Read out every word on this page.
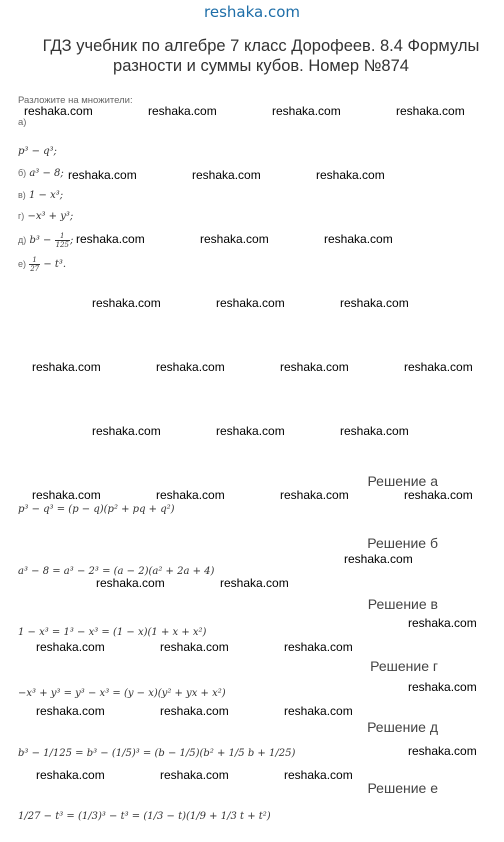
reshaka.com
ГДЗ учебник по алгебре 7 класс Дорофеев. 8.4 Формулы разности и суммы кубов. Номер №874
Разложите на множители:
а)
p³ − q³;
б) a³ − 8;
в) 1 − x³;
г) −x³ + y³;
д) $b^3 - \frac{1}{125}$ ;
$е) \frac{1}{27} - t^3$.
Решение а
p³ − q³ = (p − q)(p² + pq + q²)
Решение б
a³ − 8 = a³ − 2³ = (a − 2)(a² + 2a + 4)
Решение в
1 − x³ = 1³ − x³ = (1 − x)(1 + x + x²)
Решение г
−x³ + y³ = y³ − x³ = (y − x)(y² + yx + x²)
Решение д
b³ − 1/125 = b³ − (1/5)³ = (b − 1/5)(b² + 1/5 b + 1/25)
Решение е
1/27 − t³ = (1/3)³ − t³ = (1/3 − t)(1/9 + 1/3 t + t²)
reshaka.com	reshaka.com	reshaka.com	reshaka.com
reshaka.com	reshaka.com	reshaka.com
reshaka.com	reshaka.com	reshaka.com
reshaka.com	reshaka.com	reshaka.com
reshaka.com	reshaka.com	reshaka.com	reshaka.com
reshaka.com	reshaka.com	reshaka.com
reshaka.com	reshaka.com	reshaka.com	reshaka.com
reshaka.com
reshaka.com	reshaka.com
reshaka.com
reshaka.com	reshaka.com	reshaka.com
reshaka.com
reshaka.com	reshaka.com	reshaka.com
reshaka.com
reshaka.com	reshaka.com	reshaka.com
